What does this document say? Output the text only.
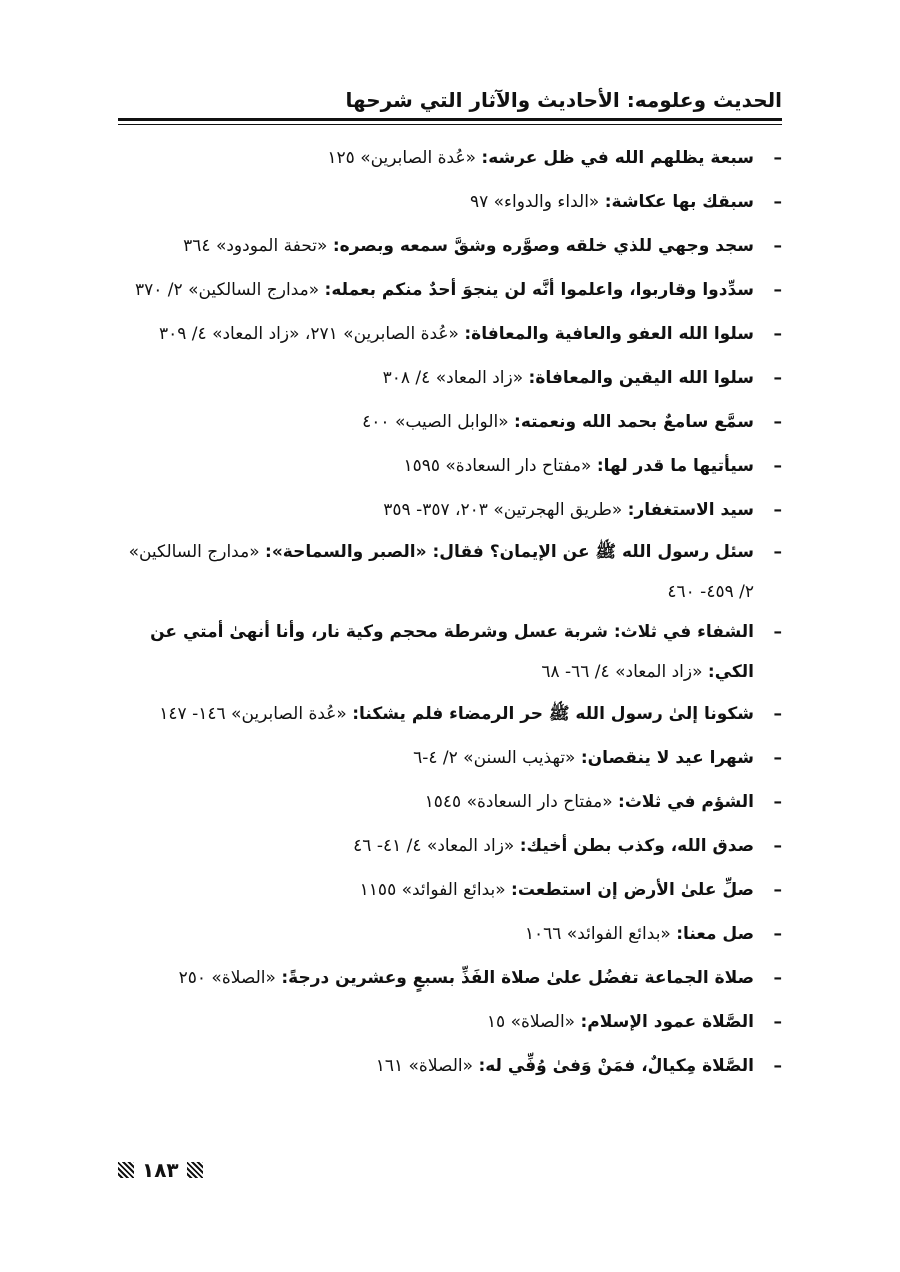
الحديث وعلومه: الأحاديث والآثار التي شرحها
–
سبعة يظلهم الله في ظل عرشه: «عُدة الصابرين» ١٢٥
–
سبقك بها عكاشة: «الداء والدواء» ٩٧
–
سجد وجهي للذي خلقه وصوَّره وشقَّ سمعه وبصره: «تحفة المودود» ٣٦٤
–
سدِّدوا وقاربوا، واعلموا أنَّه لن ينجوَ أحدٌ منكم بعمله: «مدارج السالكين» ٢/ ٣٧٠
–
سلوا الله العفو والعافية والمعافاة: «عُدة الصابرين» ٢٧١، «زاد المعاد» ٤/ ٣٠٩
–
سلوا الله اليقين والمعافاة: «زاد المعاد» ٤/ ٣٠٨
–
سمَّع سامعٌ بحمد الله ونعمته: «الوابل الصيب» ٤٠٠
–
سيأتيها ما قدر لها: «مفتاح دار السعادة» ١٥٩٥
–
سيد الاستغفار: «طريق الهجرتين» ٢٠٣، ٣٥٧- ٣٥٩
–
سئل رسول الله ﷺ عن الإيمان؟ فقال: «الصبر والسماحة»: «مدارج السالكين» ٢/ ٤٥٩- ٤٦٠
–
الشفاء في ثلاث: شربة عسل وشرطة محجم وكية نار، وأنا أنهىٰ أمتي عن الكي: «زاد المعاد» ٤/ ٦٦- ٦٨
–
شكونا إلىٰ رسول الله ﷺ حر الرمضاء فلم يشكنا: «عُدة الصابرين» ١٤٦- ١٤٧
–
شهرا عيد لا ينقصان: «تهذيب السنن» ٢/ ٤-٦
–
الشؤم في ثلاث: «مفتاح دار السعادة» ١٥٤٥
–
صدق الله، وكذب بطن أخيك: «زاد المعاد» ٤/ ٤١- ٤٦
–
صلِّ علىٰ الأرض إن استطعت: «بدائع الفوائد» ١١٥٥
–
صل معنا: «بدائع الفوائد» ١٠٦٦
–
صلاة الجماعة تفضُل علىٰ صلاة الفَذِّ بسبعٍ وعشرين درجةً: «الصلاة» ٢٥٠
–
الصَّلاة عمود الإسلام: «الصلاة» ١٥
–
الصَّلاة مِكيالٌ، فمَنْ وَفىٰ وُفِّي له: «الصلاة» ١٦١
١٨٣
